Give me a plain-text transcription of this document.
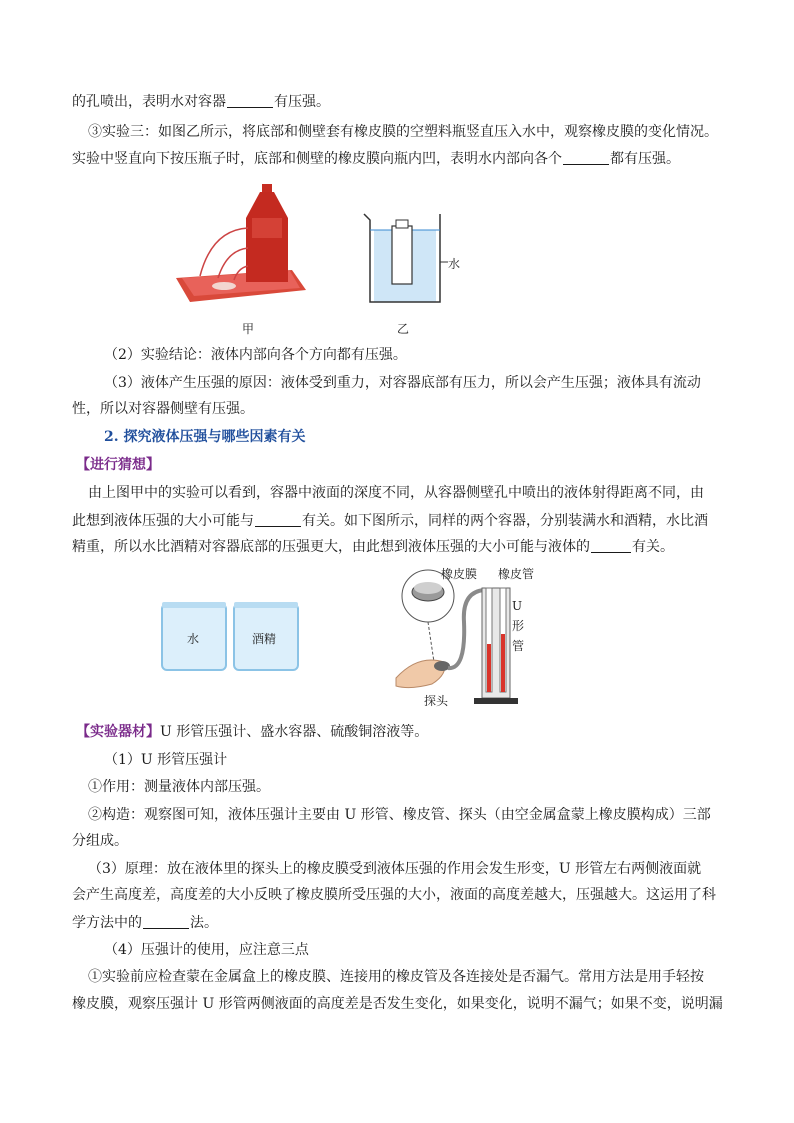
的孔喷出，表明水对容器	有压强。
③实验三：如图乙所示，将底部和侧壁套有橡皮膜的空塑料瓶竖直压入水中，观察橡皮膜的变化情况。
实验中竖直向下按压瓶子时，底部和侧壁的橡皮膜向瓶内凹，表明水内部向各个	都有压强。
甲
水
乙
（2）实验结论：液体内部向各个方向都有压强。
（3）液体产生压强的原因：液体受到重力，对容器底部有压力，所以会产生压强；液体具有流动
性，所以对容器侧壁有压强。
2. 探究液体压强与哪些因素有关
【进行猜想】
由上图甲中的实验可以看到，容器中液面的深度不同，从容器侧壁孔中喷出的液体射得距离不同，由
此想到液体压强的大小可能与	有关。如下图所示，同样的两个容器，分别装满水和酒精，水比酒
精重，所以水比酒精对容器底部的压强更大，由此想到液体压强的大小可能与液体的	有关。
水	酒精
橡皮膜 橡皮管
U
形
管
探头
【实验器材】U 形管压强计、盛水容器、硫酸铜溶液等。
（1）U 形管压强计
①作用：测量液体内部压强。
②构造：观察图可知，液体压强计主要由 U 形管、橡皮管、探头（由空金属盒蒙上橡皮膜构成）三部
分组成。
（3）原理：放在液体里的探头上的橡皮膜受到液体压强的作用会发生形变，U 形管左右两侧液面就
会产生高度差，高度差的大小反映了橡皮膜所受压强的大小，液面的高度差越大，压强越大。这运用了科
学方法中的	法。
（4）压强计的使用，应注意三点
①实验前应检查蒙在金属盒上的橡皮膜、连接用的橡皮管及各连接处是否漏气。常用方法是用手轻按
橡皮膜，观察压强计 U 形管两侧液面的高度差是否发生变化，如果变化，说明不漏气；如果不变，说明漏
